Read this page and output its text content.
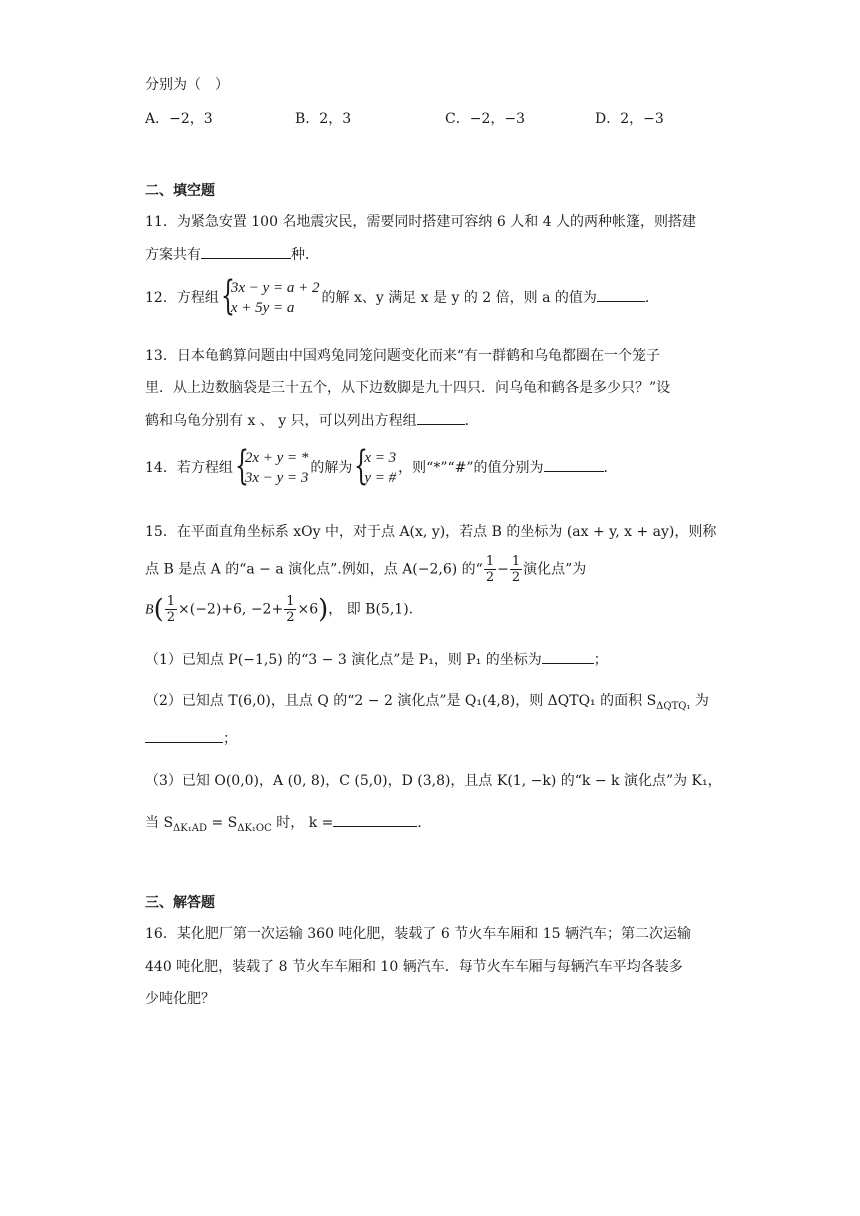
分别为（　）
A．−2，3	B．2，3	C．−2，−3	D．2，−3
二、填空题
11．为紧急安置 100 名地震灾民，需要同时搭建可容纳 6 人和 4 人的两种帐篷，则搭建
方案共有	种．
12．方程组 {
3x − y = a + 2
x + 5y = a
的解 x、y 满足 x 是 y 的 2 倍，则 a 的值为	．
13．日本龟鹤算问题由中国鸡兔同笼问题变化而来“有一群鹤和乌龟都圈在一个笼子
里．从上边数脑袋是三十五个，从下边数脚是九十四只．问乌龟和鹤各是多少只？”设
鹤和乌龟分别有 x 、 y 只，可以列出方程组	．
14．若方程组 {
2x + y = *
3x − y = 3
的解为 {
x = 3
y = #
，则“*”“#”的值分别为	．
15．在平面直角坐标系 xOy 中，对于点 A(x, y)，若点 B 的坐标为 (ax + y, x + ay)，则称
点 B 是点 A 的“a − a 演化点”.例如，点 A(−2,6) 的“ $\frac{1}{2} - \frac{1}{2}$ 演化点”为
$B( \frac{1}{2} \times(-2)+6$, $-2+ \frac{1}{2} \times 6$)， 即 B(5,1).
（1）已知点 P(−1,5) 的“3 − 3 演化点”是 P₁，则 P₁ 的坐标为	；
（2）已知点 T(6,0)，且点 Q 的“2 − 2 演化点”是 Q₁(4,8)，则 ΔQTQ₁ 的面积 $S_{\Delta QTQ_1}$ 为
；
（3）已知 O(0,0)，A (0, 8)，C (5,0)，D (3,8)，且点 K(1, −k) 的“k − k 演化点”为 K₁，
当 $S_{\Delta K_1AD} = S_{\Delta K_1OC}$ 时， k =	．
三、解答题
16．某化肥厂第一次运输 360 吨化肥，装载了 6 节火车车厢和 15 辆汽车；第二次运输
440 吨化肥，装载了 8 节火车车厢和 10 辆汽车．每节火车车厢与每辆汽车平均各装多
少吨化肥？
